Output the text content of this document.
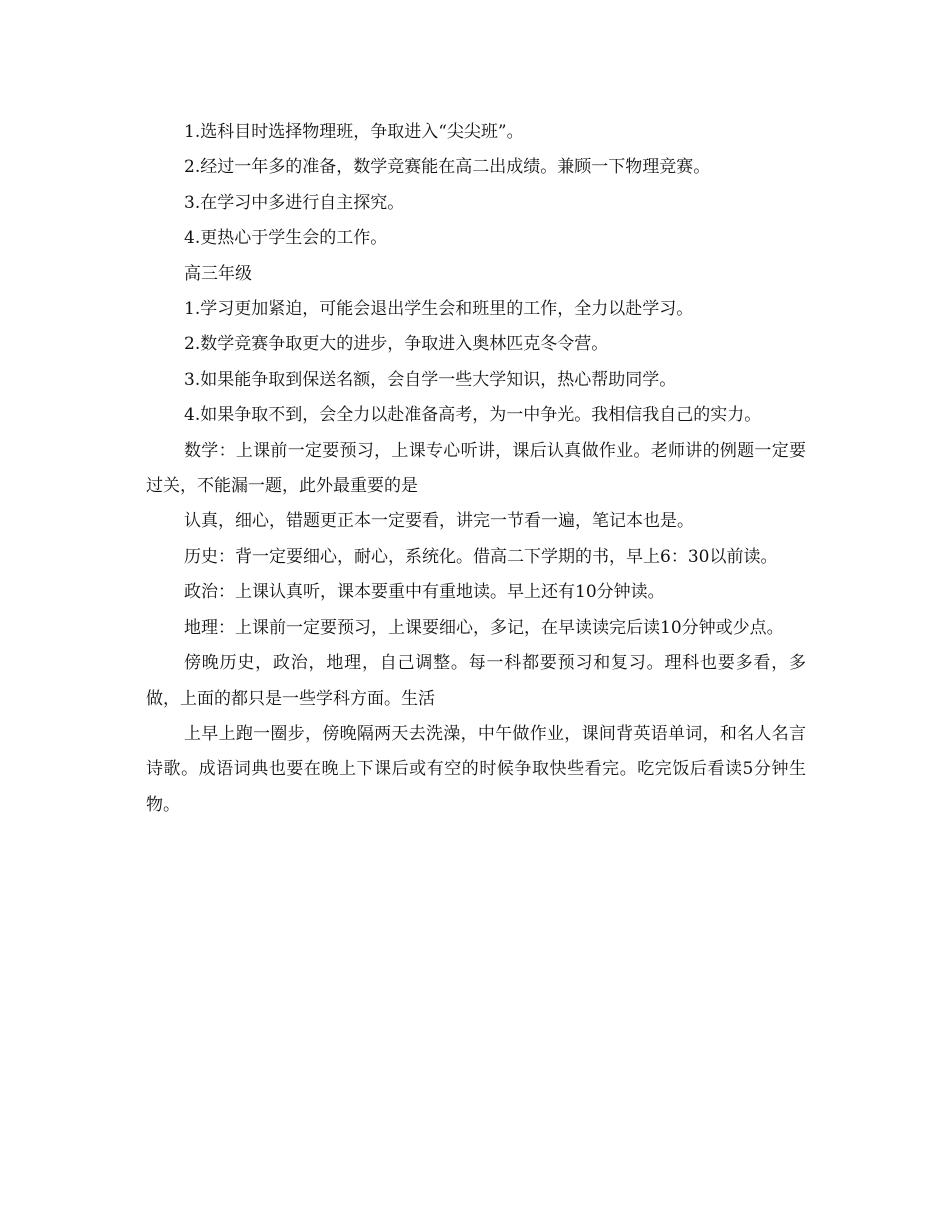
1.选科目时选择物理班，争取进入“尖尖班”。

2.经过一年多的准备，数学竞赛能在高二出成绩。兼顾一下物理竞赛。

3.在学习中多进行自主探究。

4.更热心于学生会的工作。

高三年级

1.学习更加紧迫，可能会退出学生会和班里的工作，全力以赴学习。

2.数学竞赛争取更大的进步，争取进入奥林匹克冬令营。

3.如果能争取到保送名额，会自学一些大学知识，热心帮助同学。

4.如果争取不到，会全力以赴准备高考，为一中争光。我相信我自己的实力。

数学：上课前一定要预习，上课专心听讲，课后认真做作业。老师讲的例题一定要过关，不能漏一题，此外最重要的是

认真，细心，错题更正本一定要看，讲完一节看一遍，笔记本也是。

历史：背一定要细心，耐心，系统化。借高二下学期的书，早上6：30以前读。

政治：上课认真听，课本要重中有重地读。早上还有10分钟读。

地理：上课前一定要预习，上课要细心，多记，在早读读完后读10分钟或少点。

傍晚历史，政治，地理，自己调整。每一科都要预习和复习。理科也要多看，多做，上面的都只是一些学科方面。生活

上早上跑一圈步，傍晚隔两天去洗澡，中午做作业，课间背英语单词，和名人名言诗歌。成语词典也要在晚上下课后或有空的时候争取快些看完。吃完饭后看读5分钟生物。
